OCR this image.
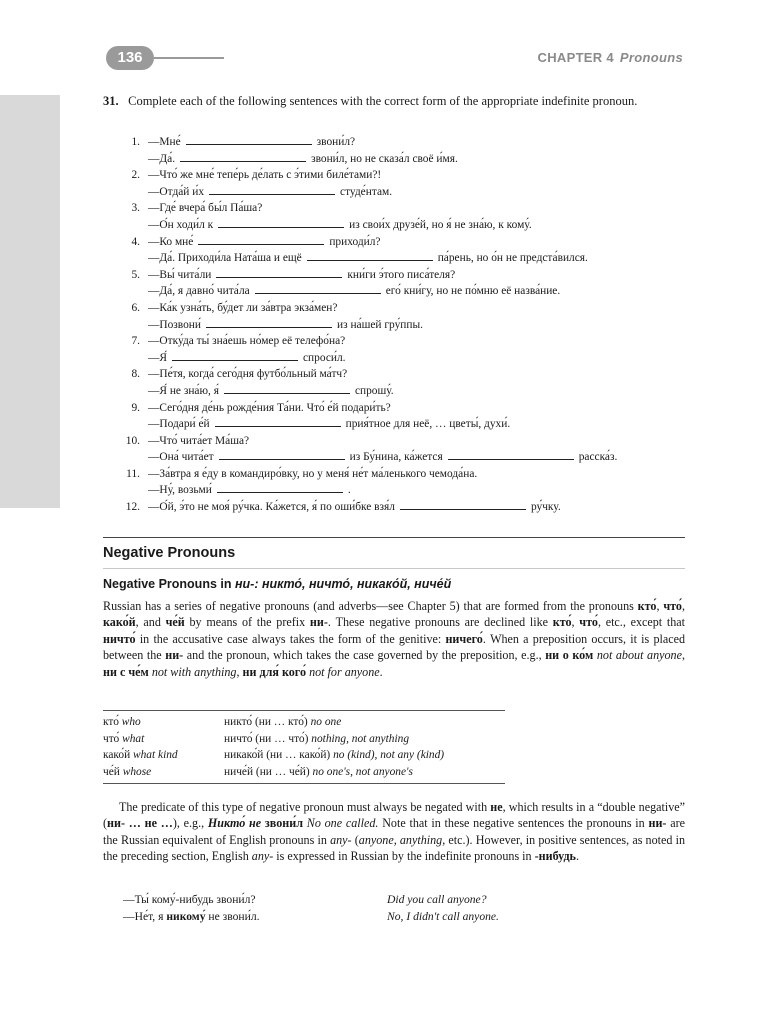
136	CHAPTER 4 Pronouns
31. Complete each of the following sentences with the correct form of the appropriate indefinite pronoun.
1. —Мне́	звони́л?
—Да́.	звони́л, но не сказа́л своё и́мя.
2. —Что́ же мне́ тепе́рь де́лать с э́тими биле́тами?!
—Отда́й и́х	студе́нтам.
3. —Где́ вчера́ бы́л Па́ша?
—О́н ходи́л к	из свои́х друзе́й, но я́ не зна́ю, к кому́.
4. —Ко мне́	приходи́л?
—Да́. Приходи́ла Ната́ша и ещё	па́рень, но о́н не предста́вился.
5. —Вы́ чита́ли	кни́ги э́того писа́теля?
—Да́, я давно́ чита́ла	его́ кни́гу, но не по́мню её назва́ние.
6. —Ка́к узна́ть, бу́дет ли за́втра экза́мен?
—Позвони́	из на́шей гру́ппы.
7. —Отку́да ты́ зна́ешь но́мер её телефо́на?
—Я́	спроси́л.
8. —Пе́тя, когда́ сего́дня футбо́льный ма́тч?
—Я́ не зна́ю, я́	спрошу́.
9. —Сего́дня де́нь рожде́ния Та́ни. Что́ е́й подари́ть?
—Подари́ е́й	прия́тное для неё, … цветы́, духи́.
10. —Что́ чита́ет Ма́ша?
—Она́ чита́ет	из Бу́нина, ка́жется	расска́з.
11. —За́втра я е́ду в командиро́вку, но у меня́ не́т ма́ленького чемода́на.
—Ну́, возьми́	.
12. —О́й, э́то не моя́ ру́чка. Ка́жется, я́ по оши́бке взя́л	ру́чку.
Negative Pronouns
Negative Pronouns in ни-: никто́, ничто́, никако́й, ниче́й
Russian has a series of negative pronouns (and adverbs—see Chapter 5) that are formed from the pronouns кто́, что́, како́й, and че́й by means of the prefix ни-. These negative pronouns are declined like кто́, что́, etc., except that ничто́ in the accusative case always takes the form of the genitive: ничего́. When a preposition occurs, it is placed between the ни- and the pronoun, which takes the case governed by the preposition, e.g., ни о ко́м not about anyone, ни с че́м not with anything, ни для́ кого́ not for anyone.
кто́ who	никто́ (ни … кто́) no one
что́ what	ничто́ (ни … что́) nothing, not anything
како́й what kind	никако́й (ни … како́й) no (kind), not any (kind)
че́й whose	ниче́й (ни … че́й) no one's, not anyone's
The predicate of this type of negative pronoun must always be negated with не, which results in a “double negative” (ни- … не …), e.g., Никто́ не звони́л No one called. Note that in these negative sentences the pronouns in ни- are the Russian equivalent of English pronouns in any- (anyone, anything, etc.). However, in positive sentences, as noted in the preceding section, English any- is expressed in Russian by the indefinite pronouns in -нибудь.
—Ты́ кому́-нибудь звони́л?	Did you call anyone?
—Не́т, я никому́ не звони́л.	No, I didn't call anyone.
